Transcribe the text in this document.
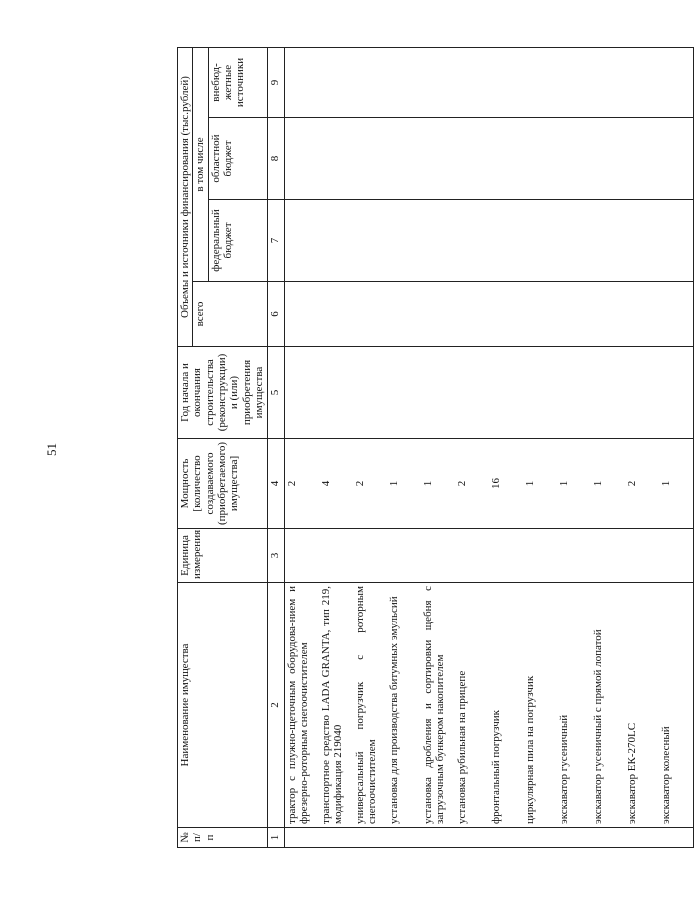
51
№ п/п	Наименование имущества	Единица измерения	Мощность [количество создаваемого (приобретаемого) имущества]	Год начала и окончания строительства (реконструкции) и (или) приобретения имущества	Объемы и источники финансирования (тыс.рублей)			
					всего	в том числе		
						федеральный бюджет	областной бюджет	внебюд-жетные источники
1	2	3	4	5	6	7	8	9
	трактор с плужно-щеточным оборудова-нием и фрезерно-роторным снегоочистителем		2					
	транспортное средство LADA GRANTA, тип 219, модификация 219040		4					
	универсальный погрузчик с роторным снегоочистителем		2					
	установка для производства битумных эмульсий		1					
	установка дробления и сортировки щебня с загрузочным бункером накопителем		1					
	установка рубильная на прицепе		2					
	фронтальный погрузчик		16					
	циркулярная пила на погрузчик		1					
	экскаватор гусеничный		1					
	экскаватор гусеничный с прямой лопатой		1					
	экскаватор ЕК-270LC		2					
	экскаватор колесный		1					
